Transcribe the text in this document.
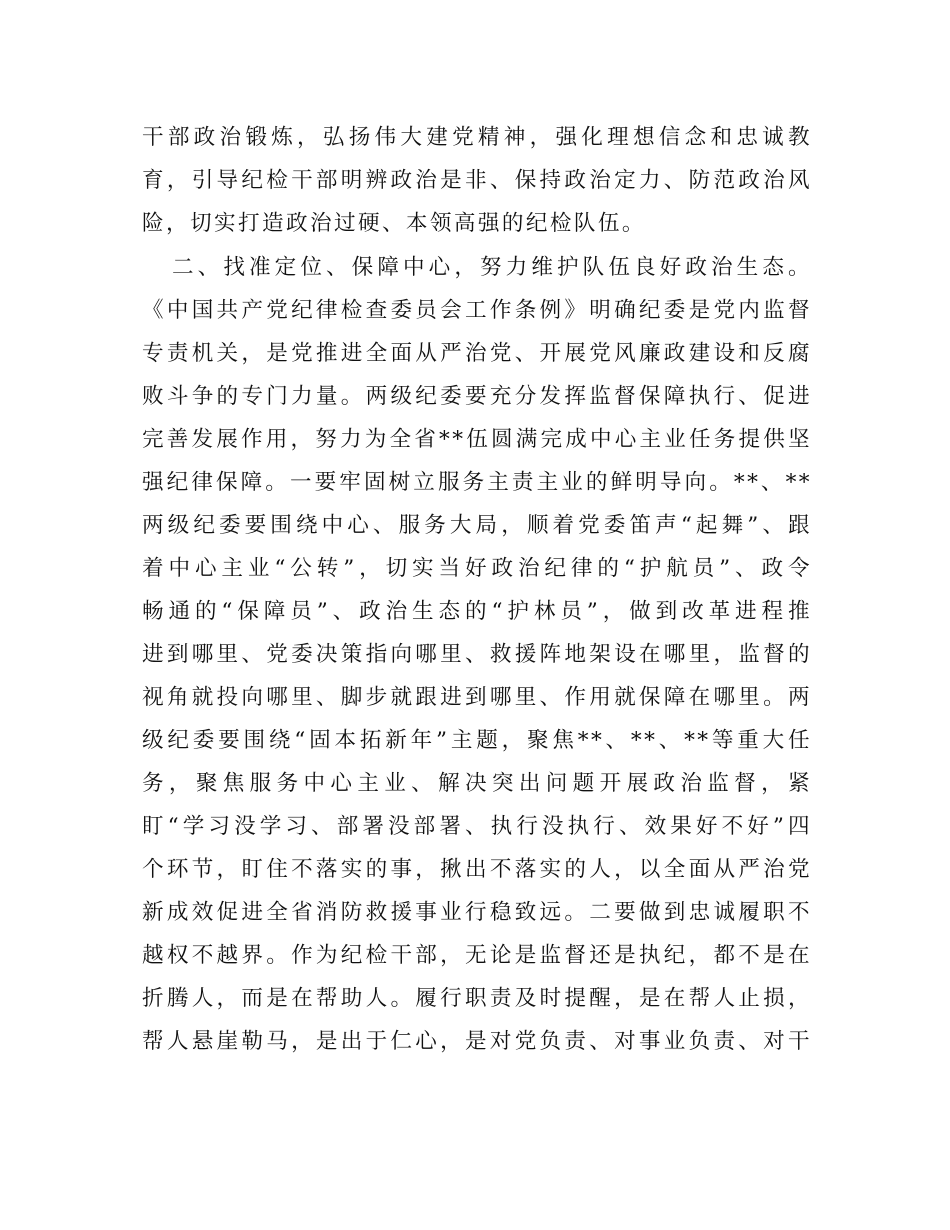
干部政治锻炼，弘扬伟大建党精神，强化理想信念和忠诚教
育，引导纪检干部明辨政治是非、保持政治定力、防范政治风
险，切实打造政治过硬、本领高强的纪检队伍。
二、找准定位、保障中心，努力维护队伍良好政治生态。
《中国共产党纪律检查委员会工作条例》明确纪委是党内监督
专责机关，是党推进全面从严治党、开展党风廉政建设和反腐
败斗争的专门力量。两级纪委要充分发挥监督保障执行、促进
完善发展作用，努力为全省**伍圆满完成中心主业任务提供坚
强纪律保障。一要牢固树立服务主责主业的鲜明导向。**、**
两级纪委要围绕中心、服务大局，顺着党委笛声“起舞”、跟
着中心主业“公转”，切实当好政治纪律的“护航员”、政令
畅通的“保障员”、政治生态的“护林员”，做到改革进程推
进到哪里、党委决策指向哪里、救援阵地架设在哪里，监督的
视角就投向哪里、脚步就跟进到哪里、作用就保障在哪里。两
级纪委要围绕“固本拓新年”主题，聚焦**、**、**等重大任
务，聚焦服务中心主业、解决突出问题开展政治监督，紧
盯“学习没学习、部署没部署、执行没执行、效果好不好”四
个环节，盯住不落实的事，揪出不落实的人，以全面从严治党
新成效促进全省消防救援事业行稳致远。二要做到忠诚履职不
越权不越界。作为纪检干部，无论是监督还是执纪，都不是在
折腾人，而是在帮助人。履行职责及时提醒，是在帮人止损，
帮人悬崖勒马，是出于仁心，是对党负责、对事业负责、对干
